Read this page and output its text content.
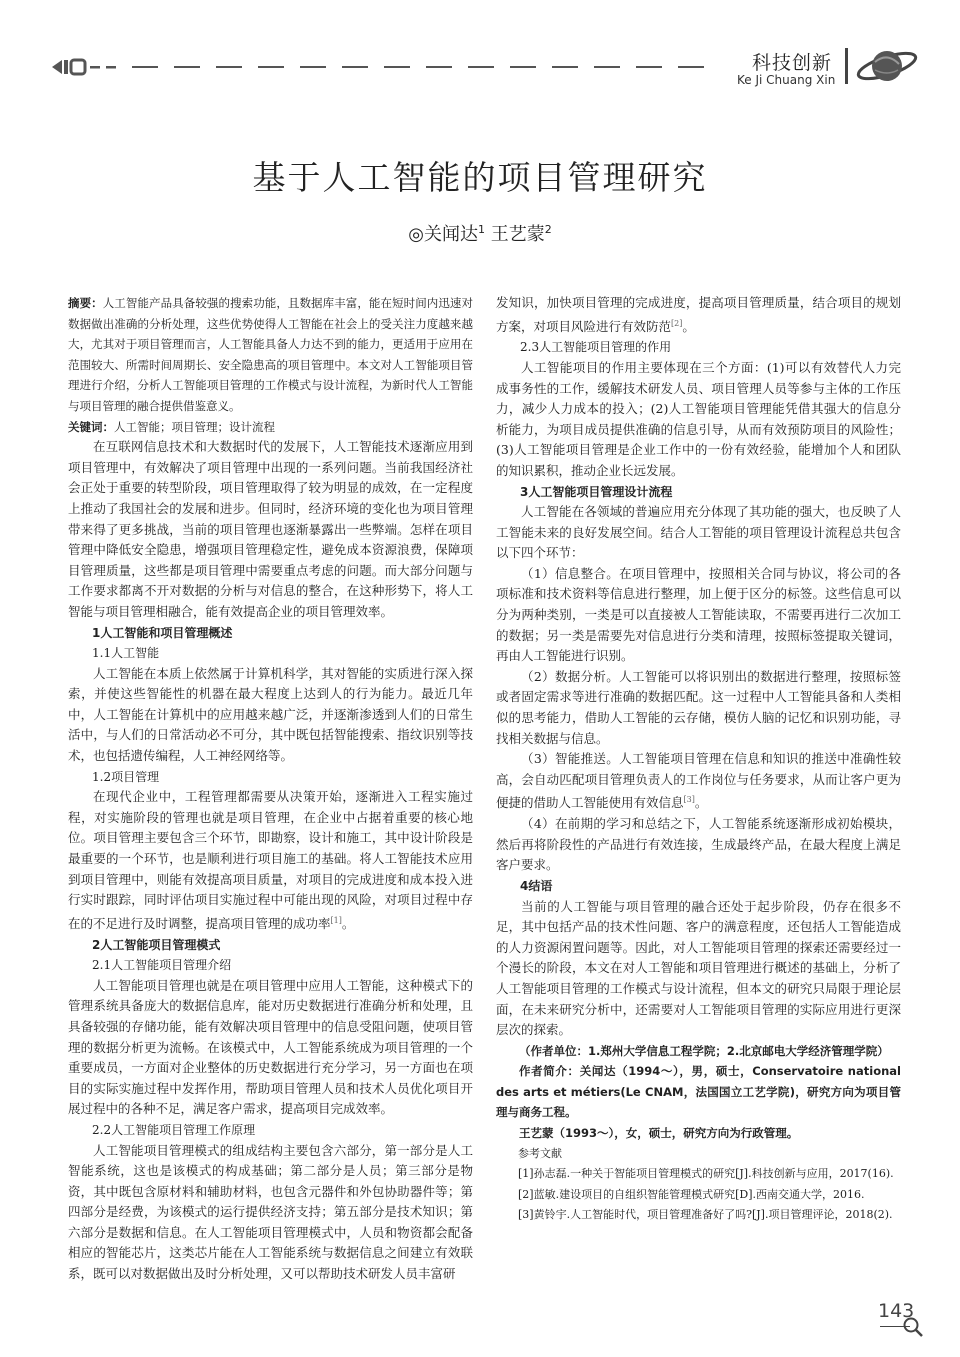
科技创新
Ke Ji Chuang Xin
基于人工智能的项目管理研究
◎关闻达$^1$ 王艺蒙$^2$

摘要：人工智能产品具备较强的搜索功能，且数据库丰富，能在短时间内迅速对数据做出准确的分析处理，这些优势使得人工智能在社会上的受关注力度越来越大，尤其对于项目管理而言，人工智能具备人力达不到的能力，更适用于应用在范围较大、所需时间周期长、安全隐患高的项目管理中。本文对人工智能项目管理进行介绍，分析人工智能项目管理的工作模式与设计流程，为新时代人工智能与项目管理的融合提供借鉴意义。

关键词：人工智能；项目管理；设计流程

在互联网信息技术和大数据时代的发展下，人工智能技术逐渐应用到项目管理中，有效解决了项目管理中出现的一系列问题。当前我国经济社会正处于重要的转型阶段，项目管理取得了较为明显的成效，在一定程度上推动了我国社会的发展和进步。但同时，经济环境的变化也为项目管理带来得了更多挑战，当前的项目管理也逐渐暴露出一些弊端。怎样在项目管理中降低安全隐患，增强项目管理稳定性，避免成本资源浪费，保障项目管理质量，这些都是项目管理中需要重点考虑的问题。而大部分问题与工作要求都离不开对数据的分析与对信息的整合，在这种形势下，将人工智能与项目管理相融合，能有效提高企业的项目管理效率。

1人工智能和项目管理概述

1.1人工智能

人工智能在本质上依然属于计算机科学，其对智能的实质进行深入探索，并使这些智能性的机器在最大程度上达到人的行为能力。最近几年中，人工智能在计算机中的应用越来越广泛，并逐渐渗透到人们的日常生活中，与人们的日常活动必不可分，其中既包括智能搜索、指纹识别等技术，也包括遗传编程，人工神经网络等。

1.2项目管理

在现代企业中，工程管理都需要从决策开始，逐渐进入工程实施过程，对实施阶段的管理也就是项目管理，在企业中占据着重要的核心地位。项目管理主要包含三个环节，即勘察，设计和施工，其中设计阶段是最重要的一个环节，也是顺利进行项目施工的基础。将人工智能技术应用到项目管理中，则能有效提高项目质量，对项目的完成进度和成本投入进行实时跟踪，同时评估项目实施过程中可能出现的风险，对项目过程中存在的不足进行及时调整，提高项目管理的成功率[1]。

2人工智能项目管理模式

2.1人工智能项目管理介绍

人工智能项目管理也就是在项目管理中应用人工智能，这种模式下的管理系统具备庞大的数据信息库，能对历史数据进行准确分析和处理，且具备较强的存储功能，能有效解决项目管理中的信息受阻问题，使项目管理的数据分析更为流畅。在该模式中，人工智能系统成为项目管理的一个重要成员，一方面对企业整体的历史数据进行充分学习，另一方面也在项目的实际实施过程中发挥作用，帮助项目管理人员和技术人员优化项目开展过程中的各种不足，满足客户需求，提高项目完成效率。

2.2人工智能项目管理工作原理

人工智能项目管理模式的组成结构主要包含六部分，第一部分是人工智能系统，这也是该模式的构成基础；第二部分是人员；第三部分是物资，其中既包含原材料和辅助材料，也包含元器件和外包协助器件等；第四部分是经费，为该模式的运行提供经济支持；第五部分是技术知识；第六部分是数据和信息。在人工智能项目管理模式中，人员和物资都会配备相应的智能芯片，这类芯片能在人工智能系统与数据信息之间建立有效联系，既可以对数据做出及时分析处理，又可以帮助技术研发人员丰富研

发知识，加快项目管理的完成进度，提高项目管理质量，结合项目的规划方案，对项目风险进行有效防范[2]。

2.3人工智能项目管理的作用

人工智能项目的作用主要体现在三个方面：(1)可以有效替代人力完成事务性的工作，缓解技术研发人员、项目管理人员等参与主体的工作压力，减少人力成本的投入；(2)人工智能项目管理能凭借其强大的信息分析能力，为项目成员提供准确的信息引导，从而有效预防项目的风险性；(3)人工智能项目管理是企业工作中的一份有效经验，能增加个人和团队的知识累积，推动企业长远发展。

3人工智能项目管理设计流程

人工智能在各领域的普遍应用充分体现了其功能的强大，也反映了人工智能未来的良好发展空间。结合人工智能的项目管理设计流程总共包含以下四个环节：

（1）信息整合。在项目管理中，按照相关合同与协议，将公司的各项标准和技术资料等信息进行整理，加上便于区分的标签。这些信息可以分为两种类别，一类是可以直接被人工智能读取，不需要再进行二次加工的数据；另一类是需要先对信息进行分类和清理，按照标签提取关键词，再由人工智能进行识别。

（2）数据分析。人工智能可以将识别出的数据进行整理，按照标签或者固定需求等进行准确的数据匹配。这一过程中人工智能具备和人类相似的思考能力，借助人工智能的云存储，模仿人脑的记忆和识别功能，寻找相关数据与信息。

（3）智能推送。人工智能项目管理在信息和知识的推送中准确性较高，会自动匹配项目管理负责人的工作岗位与任务要求，从而让客户更为便捷的借助人工智能使用有效信息[3]。

（4）在前期的学习和总结之下，人工智能系统逐渐形成初始模块，然后再将阶段性的产品进行有效连接，生成最终产品，在最大程度上满足客户要求。

4结语

当前的人工智能与项目管理的融合还处于起步阶段，仍存在很多不足，其中包括产品的技术性问题、客户的满意程度，还包括人工智能造成的人力资源闲置问题等。因此，对人工智能项目管理的探索还需要经过一个漫长的阶段，本文在对人工智能和项目管理进行概述的基础上，分析了人工智能项目管理的工作模式与设计流程，但本文的研究只局限于理论层面，在未来研究分析中，还需要对人工智能项目管理的实际应用进行更深层次的探索。

（作者单位：1.郑州大学信息工程学院；2.北京邮电大学经济管理学院）

作者简介：关闻达（1994～），男，硕士，Conservatoire national des arts et métiers(Le CNAM，法国国立工艺学院)，研究方向为项目管理与商务工程。

王艺蒙（1993～），女，硕士，研究方向为行政管理。

参考文献

[1]孙志磊.一种关于智能项目管理模式的研究[J].科技创新与应用，2017(16).

[2]蓝敏.建设项目的自组织智能管理模式研究[D].西南交通大学，2016.

[3]黄铃宇.人工智能时代，项目管理准备好了吗?[J].项目管理评论，2018(2).

143
